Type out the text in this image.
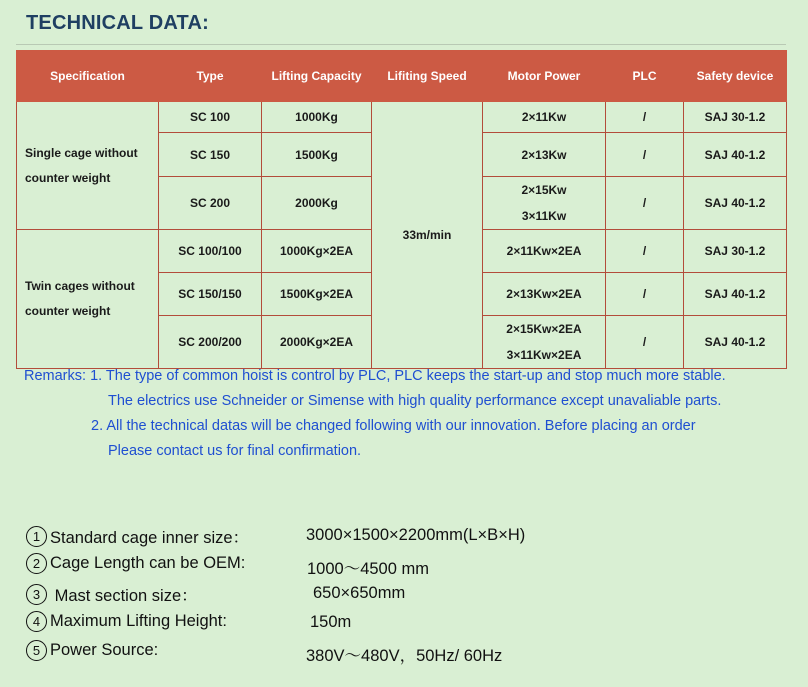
TECHNICAL DATA:
Specification	Type	Lifting Capacity	Lifiting Speed	Motor Power	PLC	Safety device
Single cage without
counter weight	SC 100	1000Kg	33m/min	2×11Kw	/	SAJ 30-1.2
	SC 150	1500Kg		2×13Kw	/	SAJ 40-1.2
	SC 200	2000Kg		2×15Kw
3×11Kw	/	SAJ 40-1.2
Twin cages without
counter weight	SC 100/100	1000Kg×2EA		2×11Kw×2EA	/	SAJ 30-1.2
	SC 150/150	1500Kg×2EA		2×13Kw×2EA	/	SAJ 40-1.2
	SC 200/200	2000Kg×2EA		2×15Kw×2EA
3×11Kw×2EA	/	SAJ 40-1.2
Remarks: 1. The type of common hoist is control by PLC, PLC keeps the start-up and stop much more stable.
The electrics use Schneider or Simense with high quality performance except unavaliable parts.
2. All the technical datas will be changed following with our innovation. Before placing an order
Please contact us for final confirmation.
1 Standard cage inner size：	3000×1500×2200mm(L×B×H)
2 Cage Length can be OEM:	1000～4500 mm
3 Mast section size：	650×650mm
4 Maximum Lifting Height:	150m
5 Power Source:	380V～480V，50Hz/ 60Hz
